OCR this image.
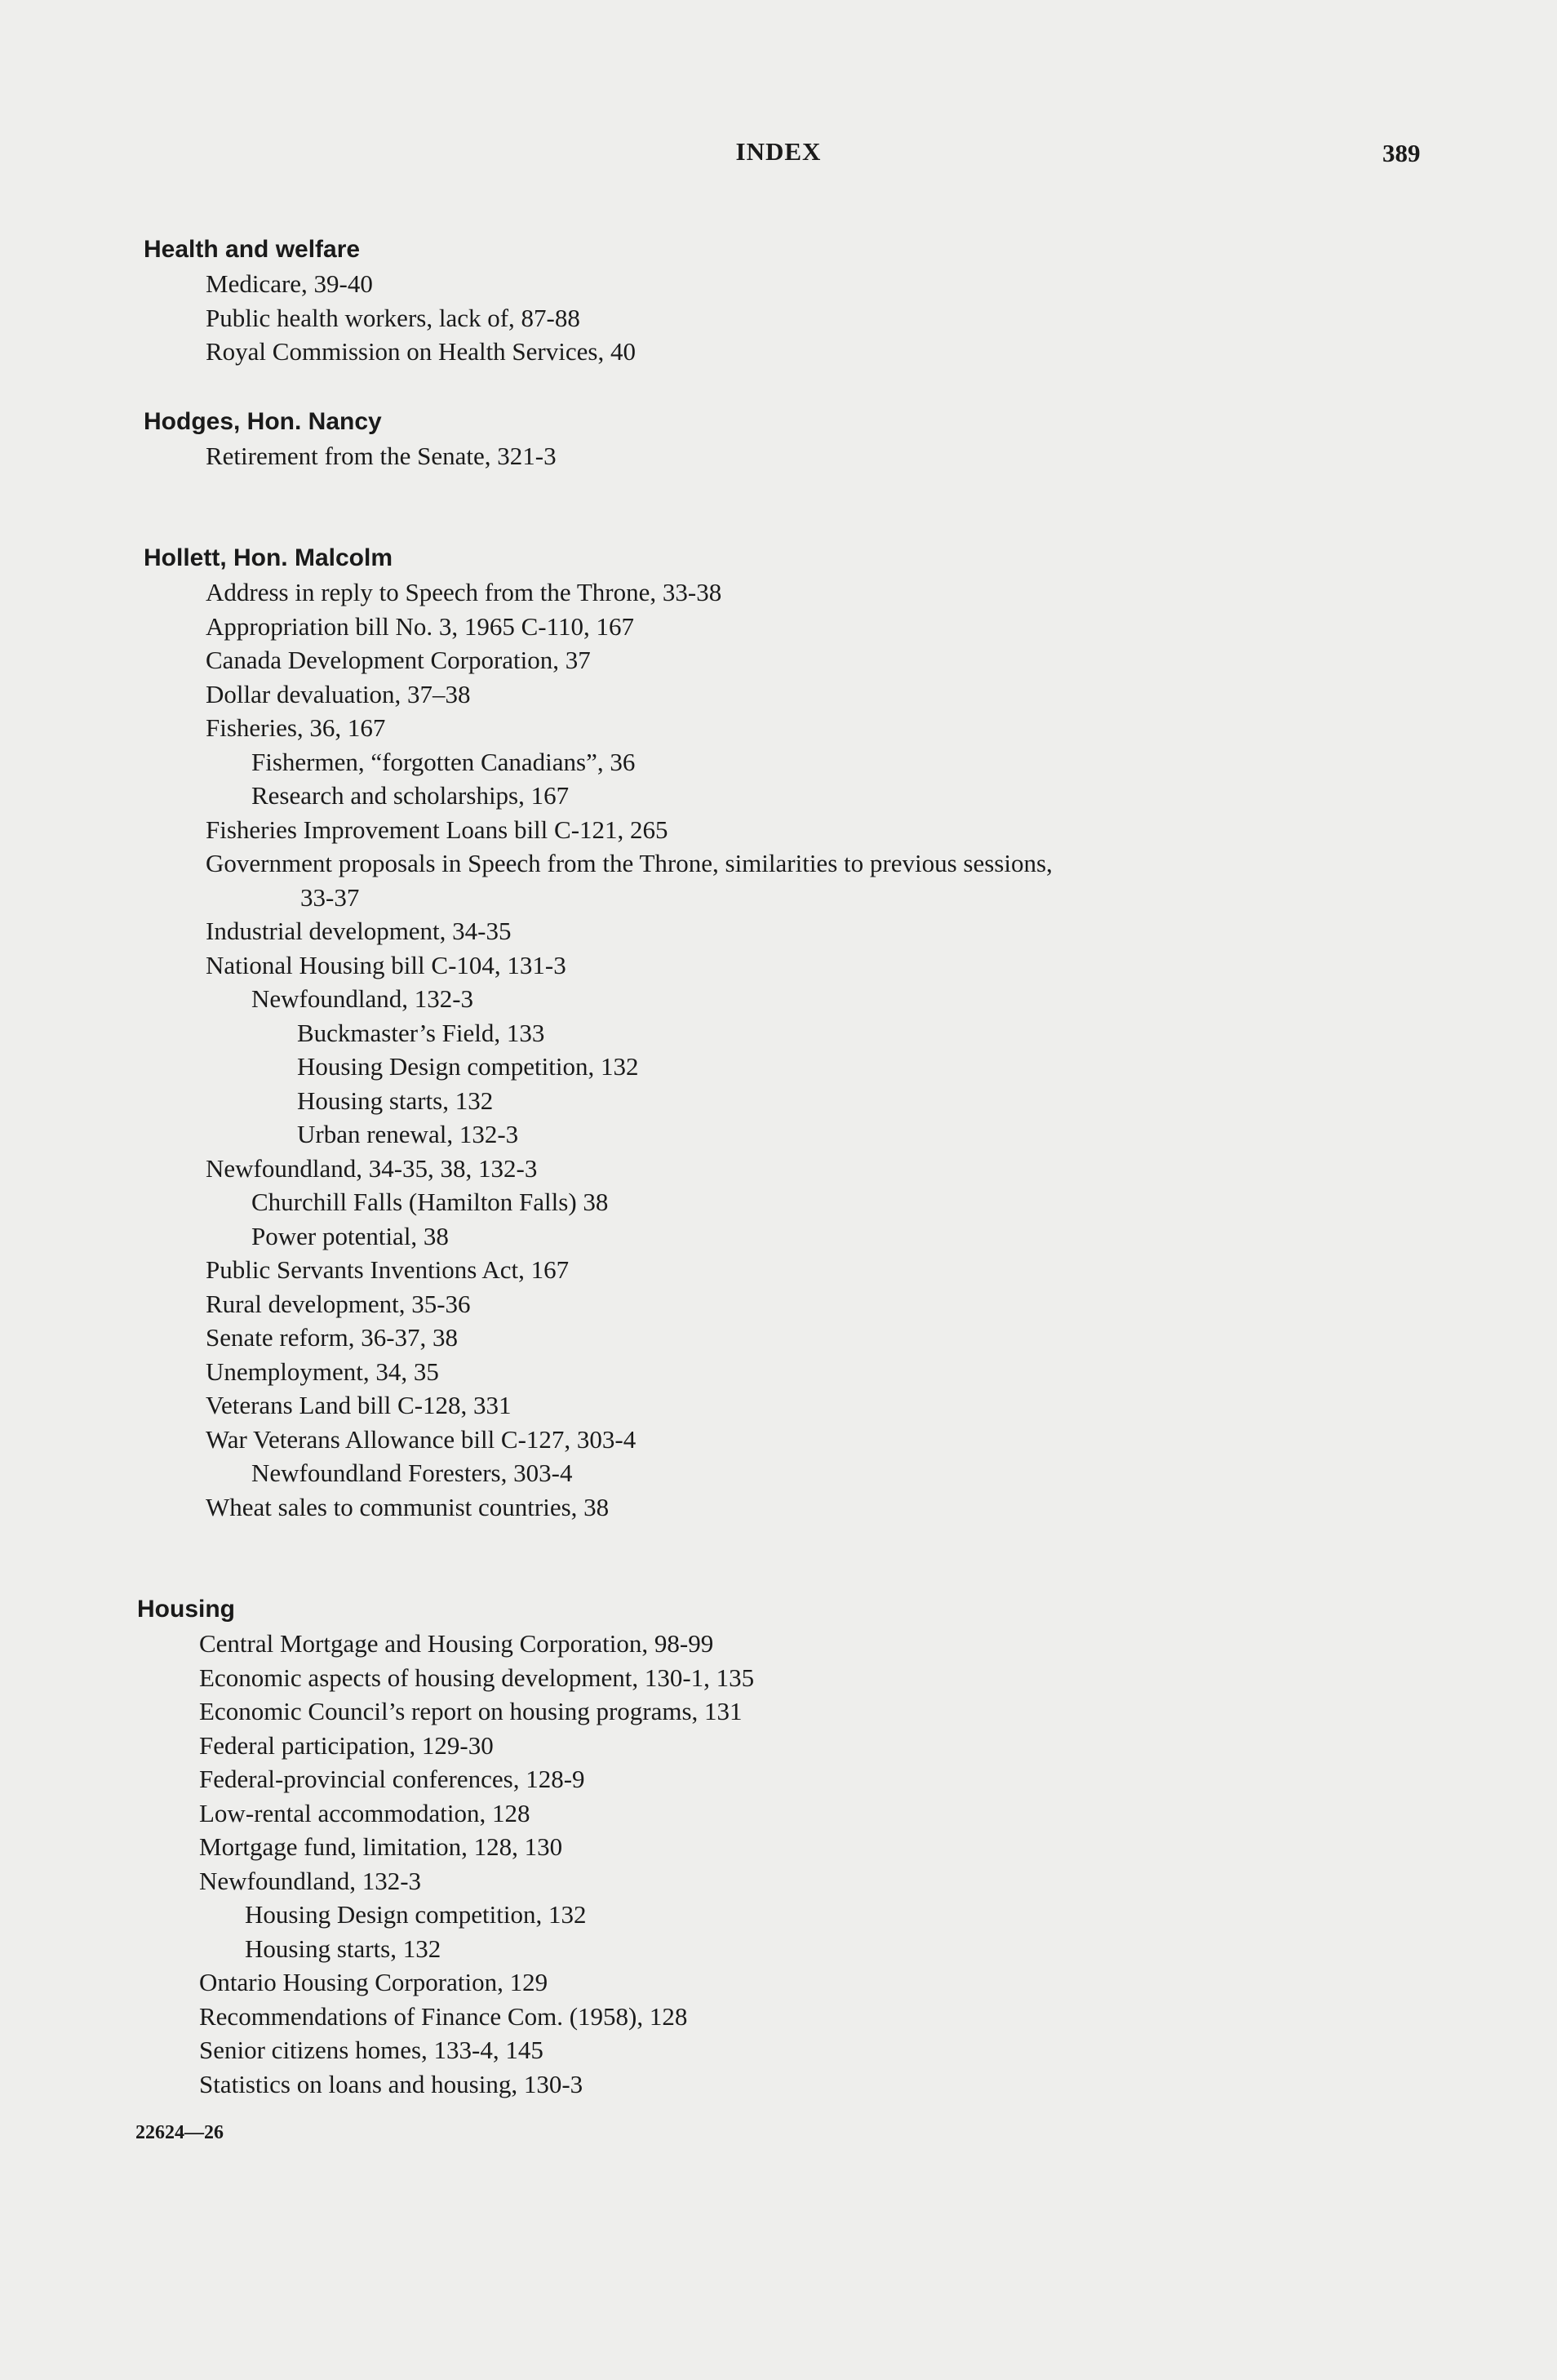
INDEX	389
Health and welfare
Medicare, 39-40
Public health workers, lack of, 87-88
Royal Commission on Health Services, 40
Hodges, Hon. Nancy
Retirement from the Senate, 321-3
Hollett, Hon. Malcolm
Address in reply to Speech from the Throne, 33-38
Appropriation bill No. 3, 1965 C-110, 167
Canada Development Corporation, 37
Dollar devaluation, 37–38
Fisheries, 36, 167
Fishermen, “forgotten Canadians”, 36
Research and scholarships, 167
Fisheries Improvement Loans bill C-121, 265
Government proposals in Speech from the Throne, similarities to previous sessions,
33-37
Industrial development, 34-35
National Housing bill C-104, 131-3
Newfoundland, 132-3
Buckmaster’s Field, 133
Housing Design competition, 132
Housing starts, 132
Urban renewal, 132-3
Newfoundland, 34-35, 38, 132-3
Churchill Falls (Hamilton Falls) 38
Power potential, 38
Public Servants Inventions Act, 167
Rural development, 35-36
Senate reform, 36-37, 38
Unemployment, 34, 35
Veterans Land bill C-128, 331
War Veterans Allowance bill C-127, 303-4
Newfoundland Foresters, 303-4
Wheat sales to communist countries, 38
Housing
Central Mortgage and Housing Corporation, 98-99
Economic aspects of housing development, 130-1, 135
Economic Council’s report on housing programs, 131
Federal participation, 129-30
Federal-provincial conferences, 128-9
Low-rental accommodation, 128
Mortgage fund, limitation, 128, 130
Newfoundland, 132-3
Housing Design competition, 132
Housing starts, 132
Ontario Housing Corporation, 129
Recommendations of Finance Com. (1958), 128
Senior citizens homes, 133-4, 145
Statistics on loans and housing, 130-3
22624—26
